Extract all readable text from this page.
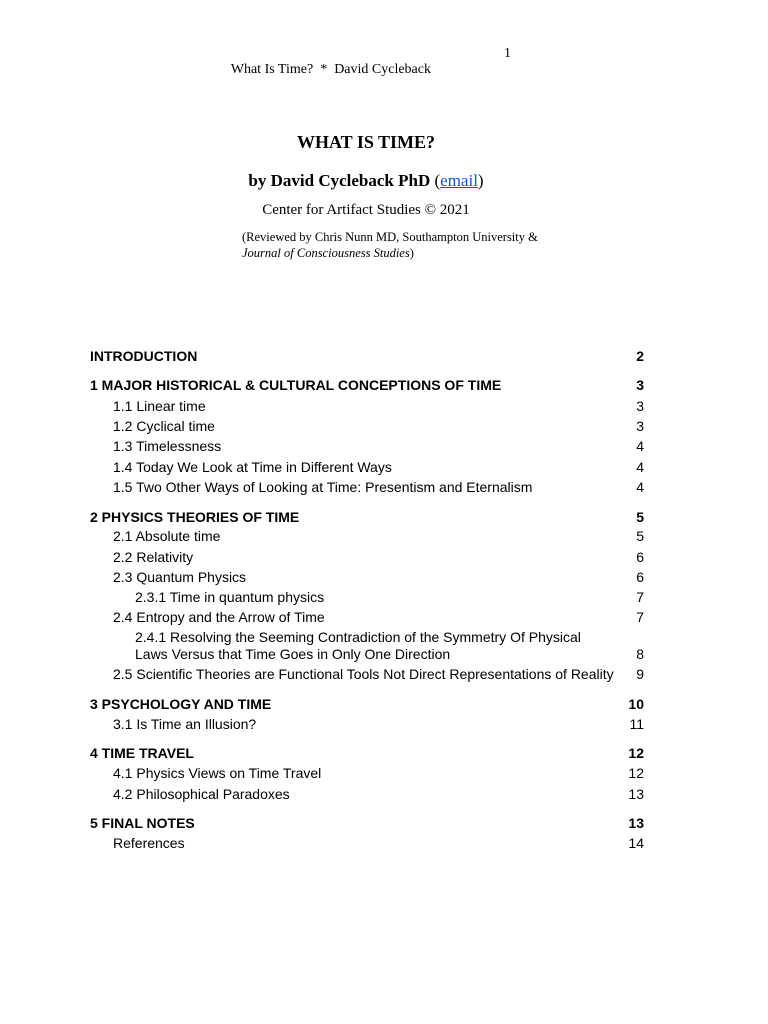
What Is Time?  *  David Cycleback

1

WHAT IS TIME?
by David Cycleback PhD (email)
Center for Artifact Studies © 2021
(Reviewed by Chris Nunn MD, Southampton University &
Journal of Consciousness Studies)
INTRODUCTION	2
1 MAJOR HISTORICAL & CULTURAL CONCEPTIONS OF TIME	3
1.1 Linear time	3
1.2 Cyclical time	3
1.3 Timelessness	4
1.4 Today We Look at Time in Different Ways	4
1.5 Two Other Ways of Looking at Time: Presentism and Eternalism	4
2 PHYSICS THEORIES OF TIME	5
2.1 Absolute time	5
2.2 Relativity	6
2.3 Quantum Physics	6
2.3.1 Time in quantum physics	7
2.4 Entropy and the Arrow of Time	7
2.4.1 Resolving the Seeming Contradiction of the Symmetry Of Physical Laws Versus that Time Goes in Only One Direction	8
2.5 Scientific Theories are Functional Tools Not Direct Representations of Reality 9
3 PSYCHOLOGY AND TIME	10
3.1 Is Time an Illusion?	11
4 TIME TRAVEL	12
4.1 Physics Views on Time Travel	12
4.2 Philosophical Paradoxes	13
5 FINAL NOTES	13
References	14
